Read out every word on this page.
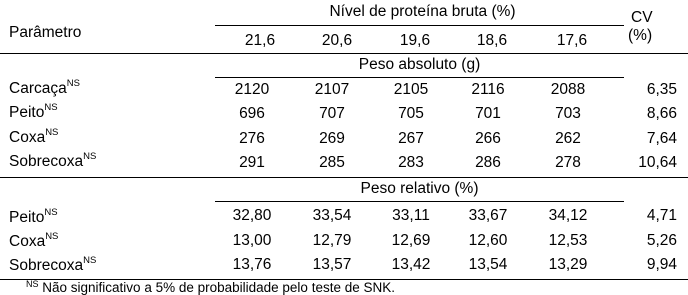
Parâmetro
Nível de proteína bruta (%)	CV
(%)
21,6	20,6	19,6	18,6	17,6
Peso absoluto (g)
Carcaça$^{NS}$	2120	2107	2105	2116	2088	6,35
Peito$^{NS}$	696	707	705	701	703	8,66
Coxa$^{NS}$	276	269	267	266	262	7,64
Sobrecoxa$^{NS}$	291	285	283	286	278	10,64
Peso relativo (%)
Peito$^{NS}$	32,80	33,54	33,11	33,67	34,12	4,71
Coxa$^{NS}$	13,00	12,79	12,69	12,60	12,53	5,26
Sobrecoxa$^{NS}$	13,76	13,57	13,42	13,54	13,29	9,94
$^{NS}$ Não significativo a 5% de probabilidade pelo teste de SNK.
